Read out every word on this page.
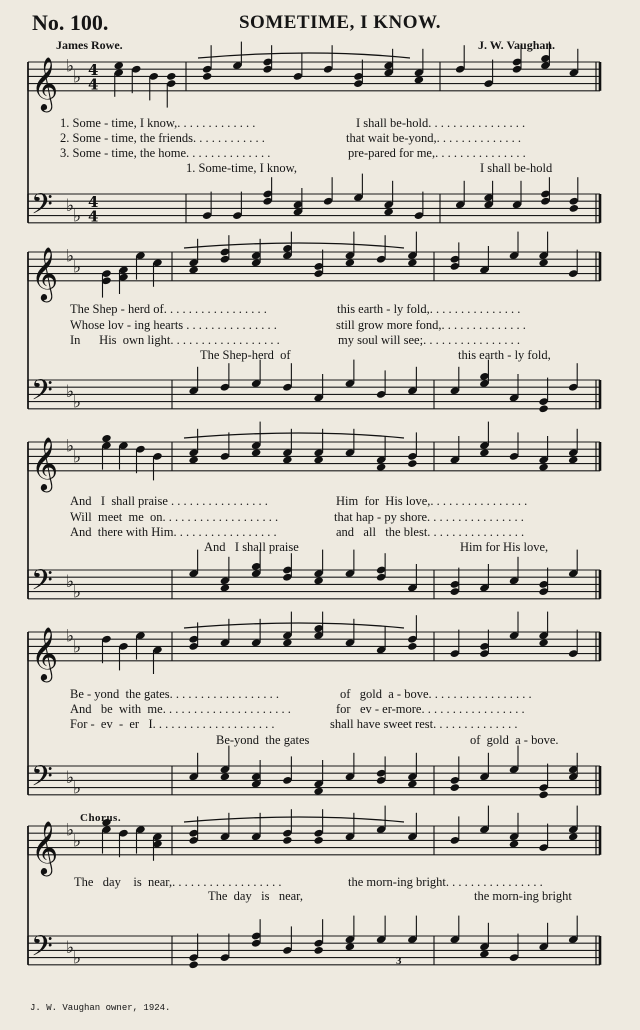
No. 100.	SOMETIME, I KNOW.
James Rowe.	J. W. Vaughan.
𝄞 ♭
♭
𝄢 ♭
♭
4
4
4
4
𝄞 ♭
♭
𝄢 ♭
♭
𝄞 ♭
♭
𝄢 ♭
♭
𝄞 ♭
♭
𝄢 ♭
♭
𝄞 ♭
♭
𝄢 ♭
♭
1. Some - time, I know,. . . . . . . . . . . . .	I shall be-hold. . . . . . . . . . . . . . . .
2. Some - time, the friends. . . . . . . . . . . .	that wait be-yond,. . . . . . . . . . . . . .
3. Some - time, the home. . . . . . . . . . . . . .	pre-pared for me,. . . . . . . . . . . . . . .
1. Some-time, I know,	I shall be-hold
The Shep - herd of. . . . . . . . . . . . . . . . .	this earth - ly fold,. . . . . . . . . . . . . . .
Whose lov - ing hearts . . . . . . . . . . . . . . .	still grow more fond,. . . . . . . . . . . . . .
In      His  own light. . . . . . . . . . . . . . . . . .	my soul will see;. . . . . . . . . . . . . . . .
The Shep-herd  of	this earth - ly fold,
And   I  shall praise . . . . . . . . . . . . . . . .	Him  for  His love,. . . . . . . . . . . . . . . .
Will  meet  me  on. . . . . . . . . . . . . . . . . . .	that hap - py shore. . . . . . . . . . . . . . . .
And  there with Him. . . . . . . . . . . . . . . . .	and   all   the blest. . . . . . . . . . . . . . . .
And   I shall praise	Him for His love,
Be - yond  the gates. . . . . . . . . . . . . . . . . .	of   gold  a - bove. . . . . . . . . . . . . . . . .
And   be  with  me. . . . . . . . . . . . . . . . . . . . .	for   ev - er-more. . . . . . . . . . . . . . . . .
For -  ev  -  er   I. . . . . . . . . . . . . . . . . . . .	shall have sweet rest. . . . . . . . . . . . . .
Be-yond  the gates	of  gold  a - bove.
Chorus.
The   day    is  near,. . . . . . . . . . . . . . . . . .	the morn-ing bright. . . . . . . . . . . . . . . .
The  day   is   near,	the morn-ing bright
3
J. W. Vaughan owner, 1924.
